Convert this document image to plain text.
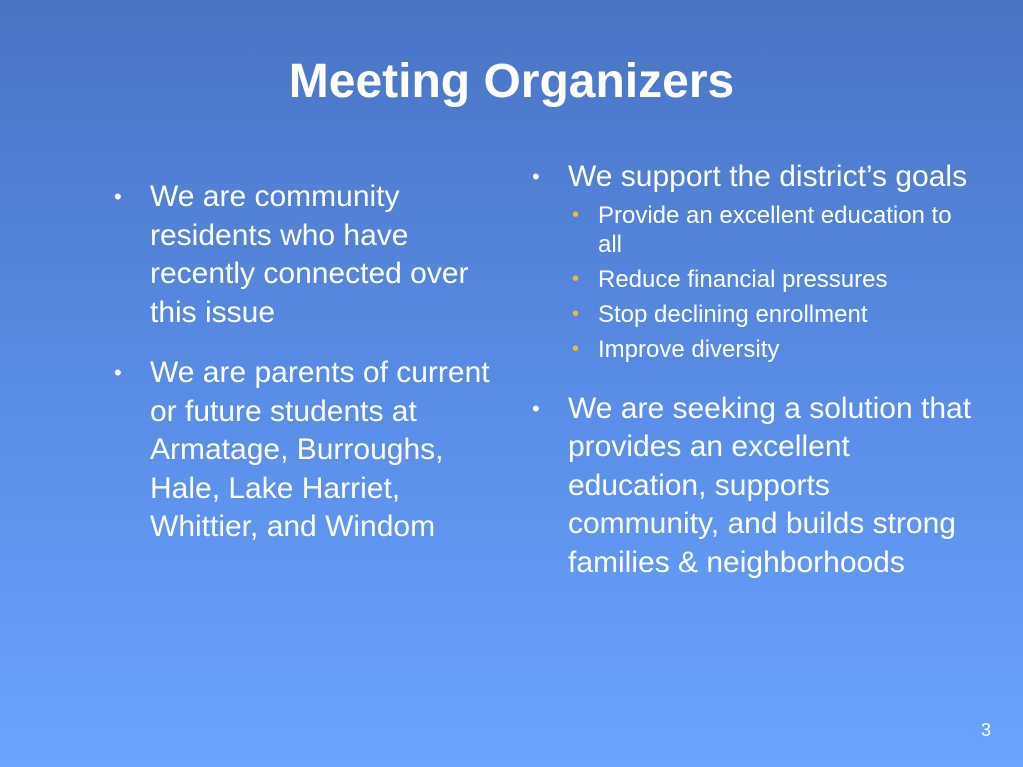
Meeting Organizers
• We are community residents who have recently connected over this issue
• We are parents of current or future students at Armatage, Burroughs, Hale, Lake Harriet, Whittier, and Windom
• We support the district’s goals
• Provide an excellent education to all
• Reduce financial pressures
• Stop declining enrollment
• Improve diversity
• We are seeking a solution that provides an excellent education, supports community, and builds strong families & neighborhoods
3
